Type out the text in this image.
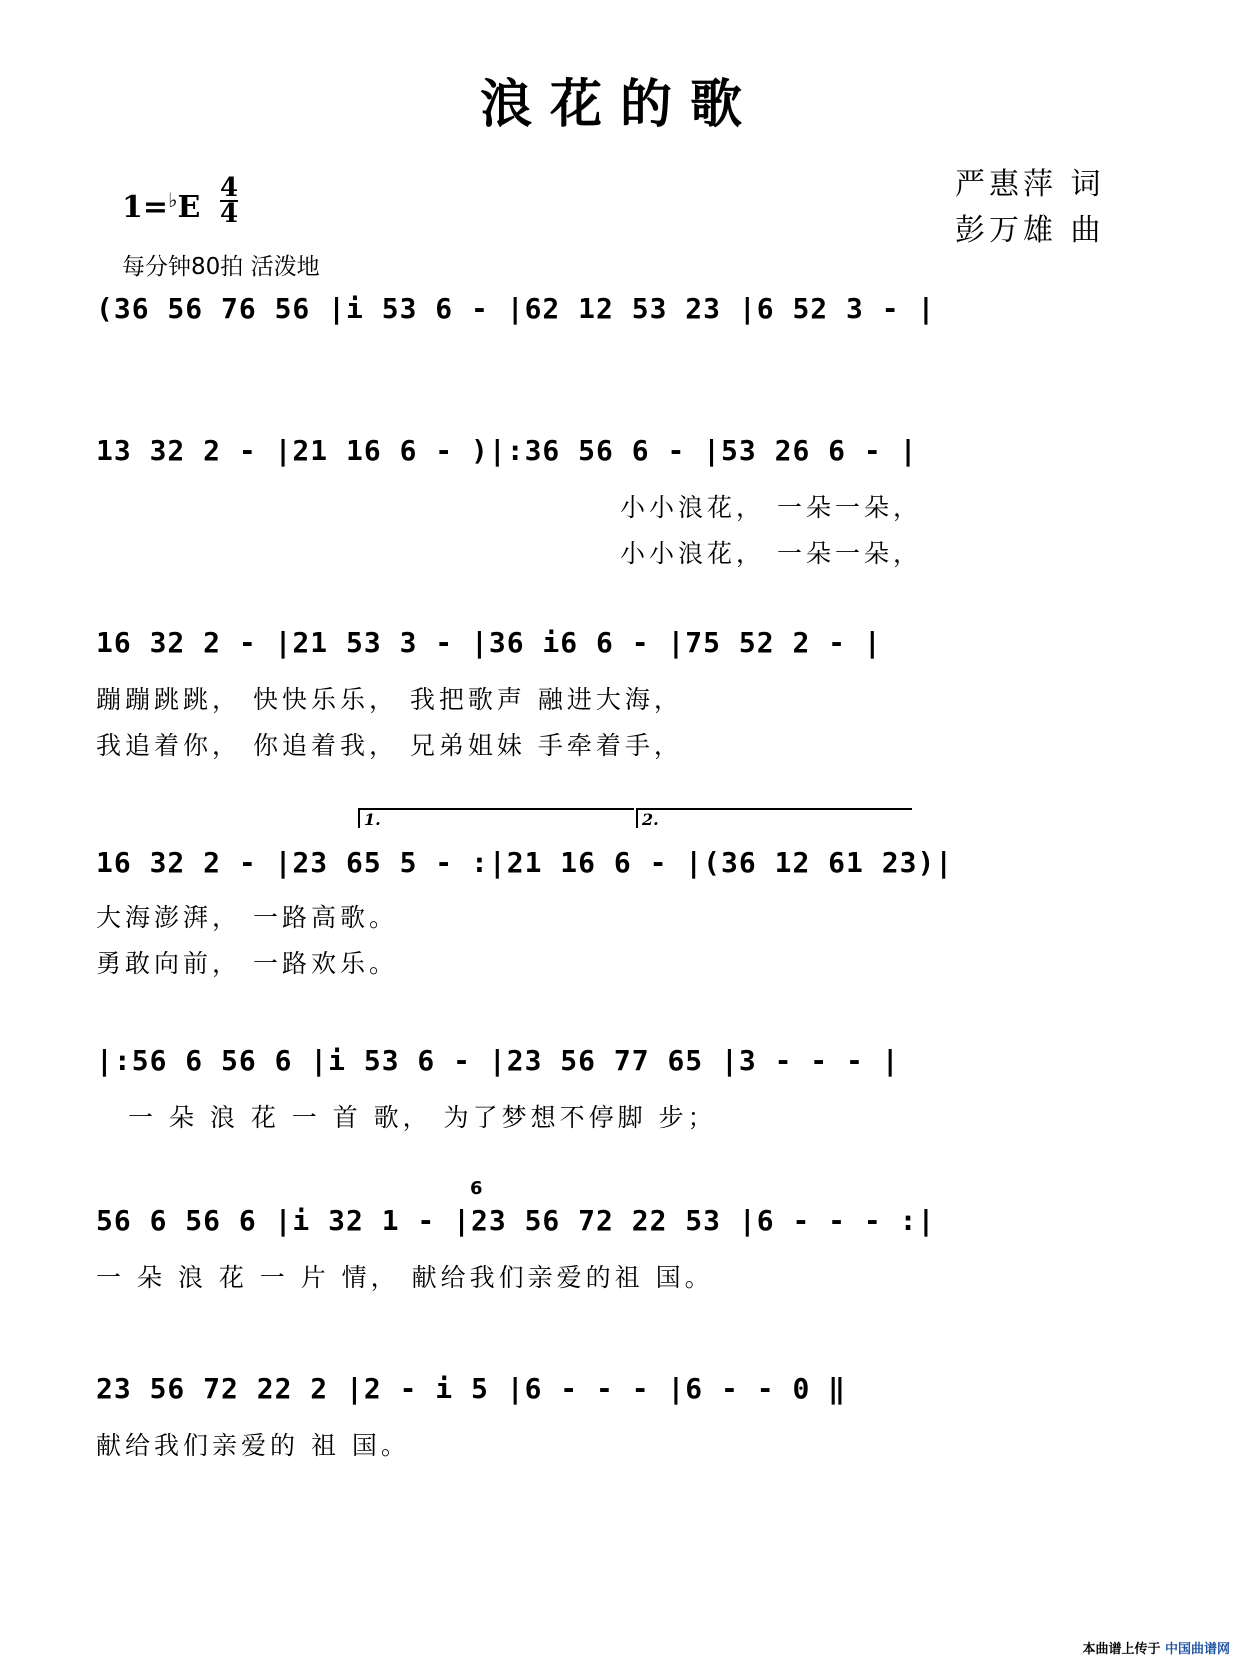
浪花的歌
严惠萍 词
彭万雄 曲
1=♭E
4
4
每分钟80拍 活泼地
(36 56 76 56 |i 53 6 - |62 12 53 23 |6 52 3 - |
13 32 2 - |21 16 6 - )|:36 56 6 - |53 26 6 - |
小小浪花， 一朵一朵，
小小浪花， 一朵一朵，
16 32 2 - |21 53 3 - |36 i6 6 - |75 52 2 - |
蹦蹦跳跳， 快快乐乐， 我把歌声 融进大海，
我追着你， 你追着我， 兄弟姐妹 手牵着手，
1.	2.
16 32 2 - |23 65 5 - :|21 16 6 - |(36 12 61 23)|
大海澎湃， 一路高歌。
勇敢向前， 一路欢乐。
|:56 6 56 6 |i 53 6 - |23 56 77 65 |3 - - - |
一 朵 浪 花 一 首 歌， 为了梦想不停脚 步；
6
56 6 56 6 |i 32 1 - |23 56 72 22 53 |6 - - - :|
一 朵 浪 花 一 片 情， 献给我们亲爱的祖 国。
23 56 72 22 2 |2 - i 5 |6 - - - |6 - - 0 ‖
献给我们亲爱的 祖 国。
本曲谱上传于 中国曲谱网
